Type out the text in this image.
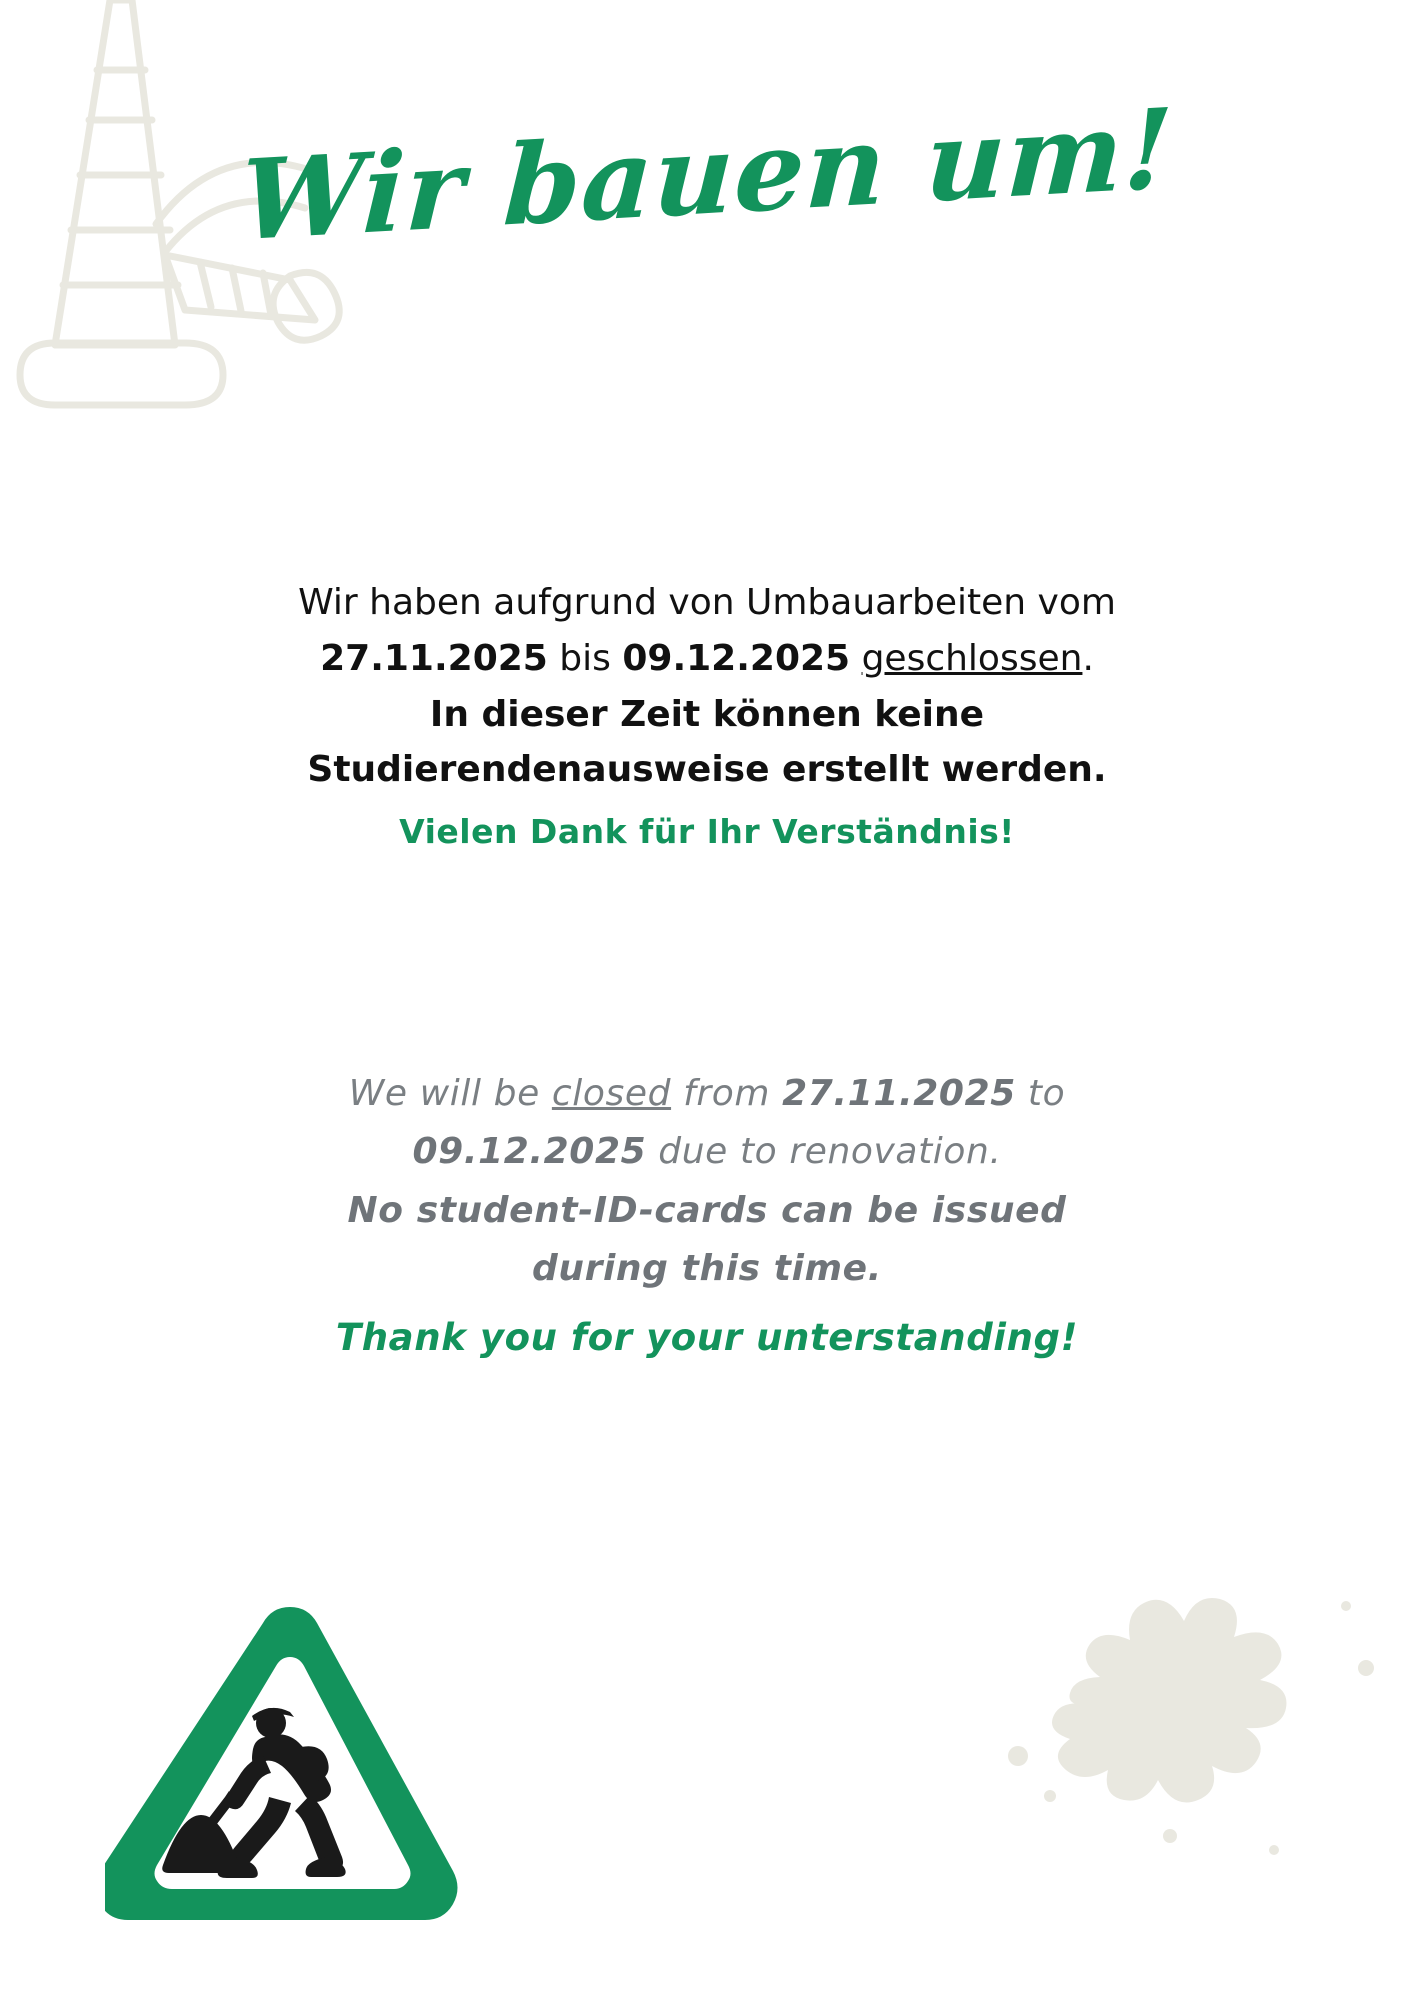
Wir bauen um!
Wir haben aufgrund von Umbauarbeiten vom
27.11.2025 bis 09.12.2025 geschlossen.
In dieser Zeit können keine
Studierendenausweise erstellt werden.
Vielen Dank für Ihr Verständnis!
We will be closed from 27.11.2025 to
09.12.2025 due to renovation.
No student-ID-cards can be issued
during this time.
Thank you for your unterstanding!
